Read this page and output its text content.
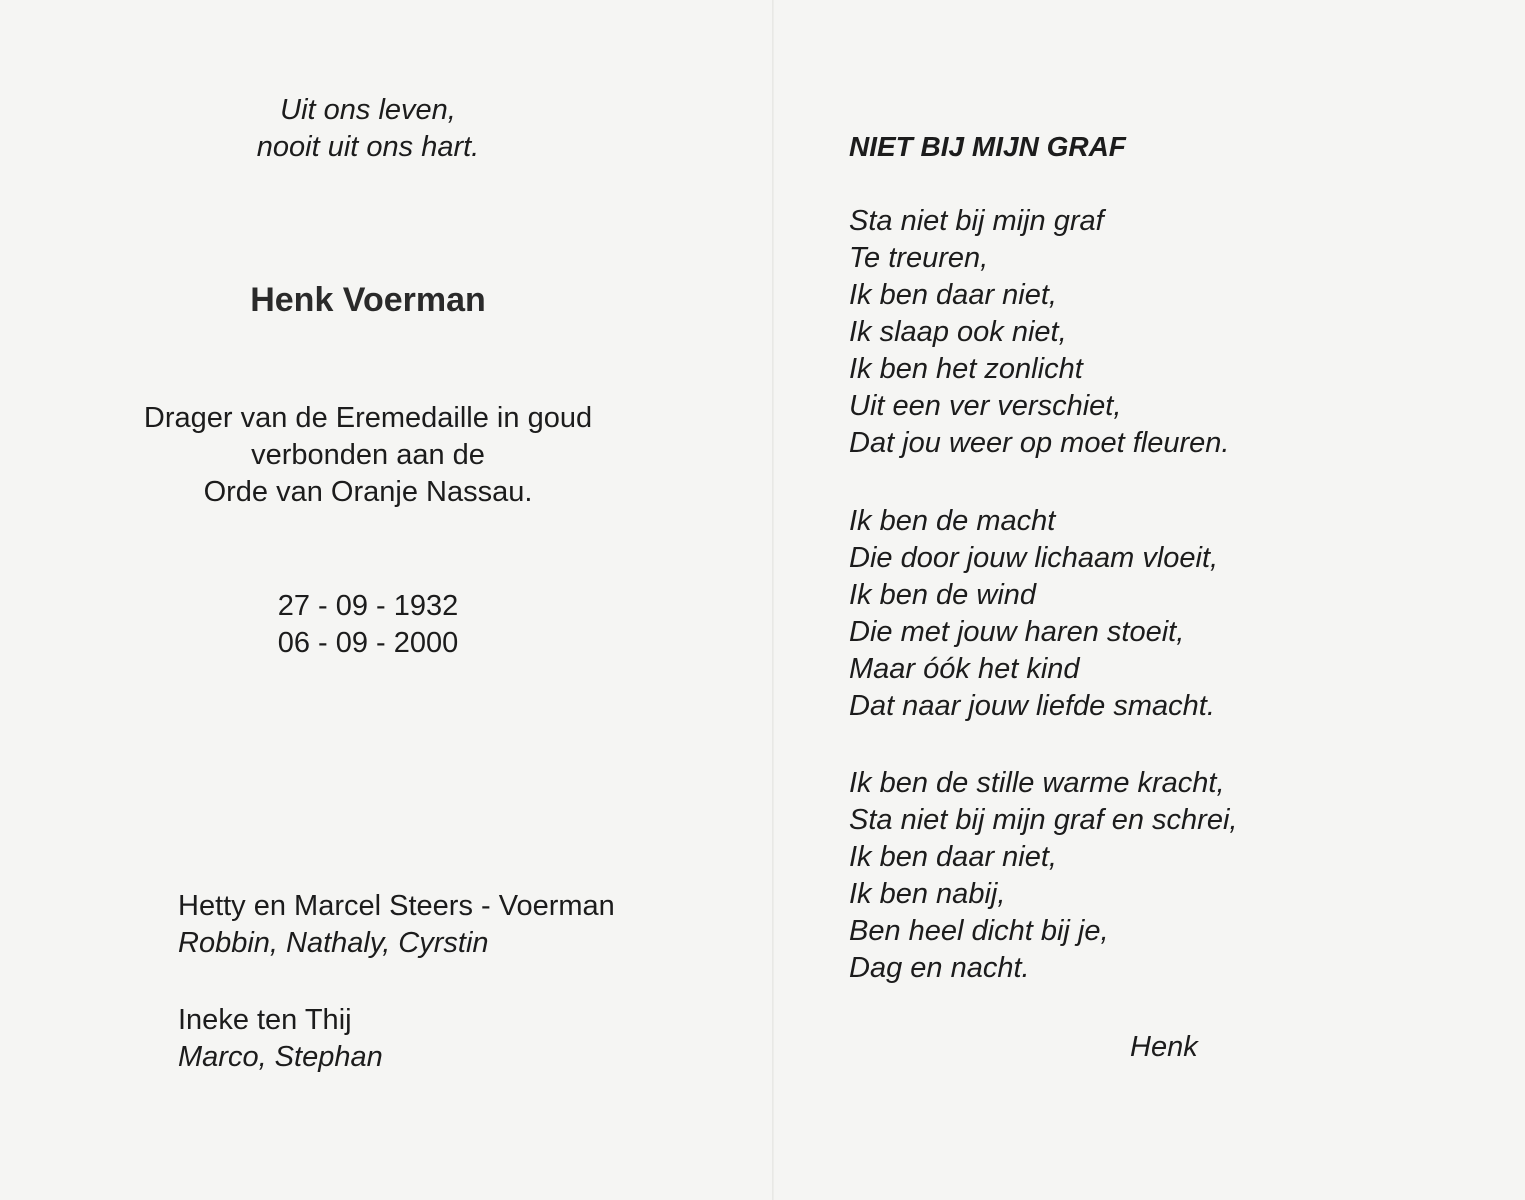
Uit ons leven,
nooit uit ons hart.
Henk Voerman
Drager van de Eremedaille in goud
verbonden aan de
Orde van Oranje Nassau.
27 - 09 - 1932
06 - 09 - 2000
Hetty en Marcel Steers - Voerman
Robbin, Nathaly, Cyrstin
Ineke ten Thij
Marco, Stephan
NIET BIJ MIJN GRAF
Sta niet bij mijn graf
Te treuren,
Ik ben daar niet,
Ik slaap ook niet,
Ik ben het zonlicht
Uit een ver verschiet,
Dat jou weer op moet fleuren.
Ik ben de macht
Die door jouw lichaam vloeit,
Ik ben de wind
Die met jouw haren stoeit,
Maar óók het kind
Dat naar jouw liefde smacht.
Ik ben de stille warme kracht,
Sta niet bij mijn graf en schrei,
Ik ben daar niet,
Ik ben nabij,
Ben heel dicht bij je,
Dag en nacht.
Henk
